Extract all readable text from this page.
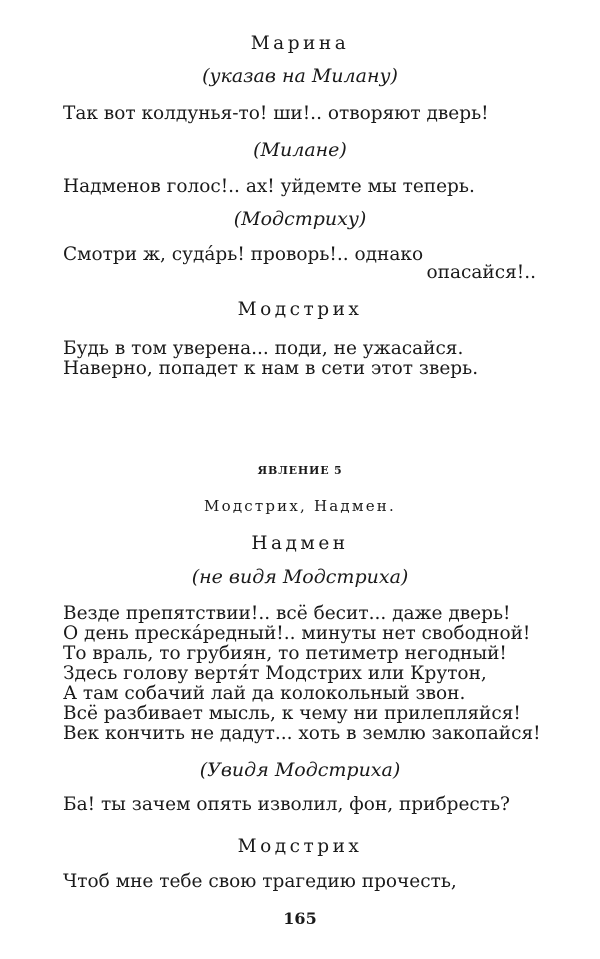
Марина
(указав на Милану)
Так вот колдунья-то! ши!.. отворяют дверь!
(Милане)
Надменов голос!.. ах! уйдемте мы теперь.
(Модстриху)
Смотри ж, суда́рь! проворь!.. однако
опасайся!..
Модстрих
Будь в том уверена... поди, не ужасайся.
Наверно, попадет к нам в сети этот зверь.
ЯВЛЕНИЕ 5
Модстрих, Надмен.
Надмен
(не видя Модстриха)
Везде препятствии!.. всё бесит... даже дверь!
О день преска́редный!.. минуты нет свободной!
То враль, то грубиян, то петиметр негодный!
Здесь голову вертя́т Модстрих или Крутон,
А там собачий лай да колокольный звон.
Всё разбивает мысль, к чему ни прилепляйся!
Век кончить не дадут... хоть в землю закопайся!
(Увидя Модстриха)
Ба! ты зачем опять изволил, фон, прибресть?
Модстрих
Чтоб мне тебе свою трагедию прочесть,
165
